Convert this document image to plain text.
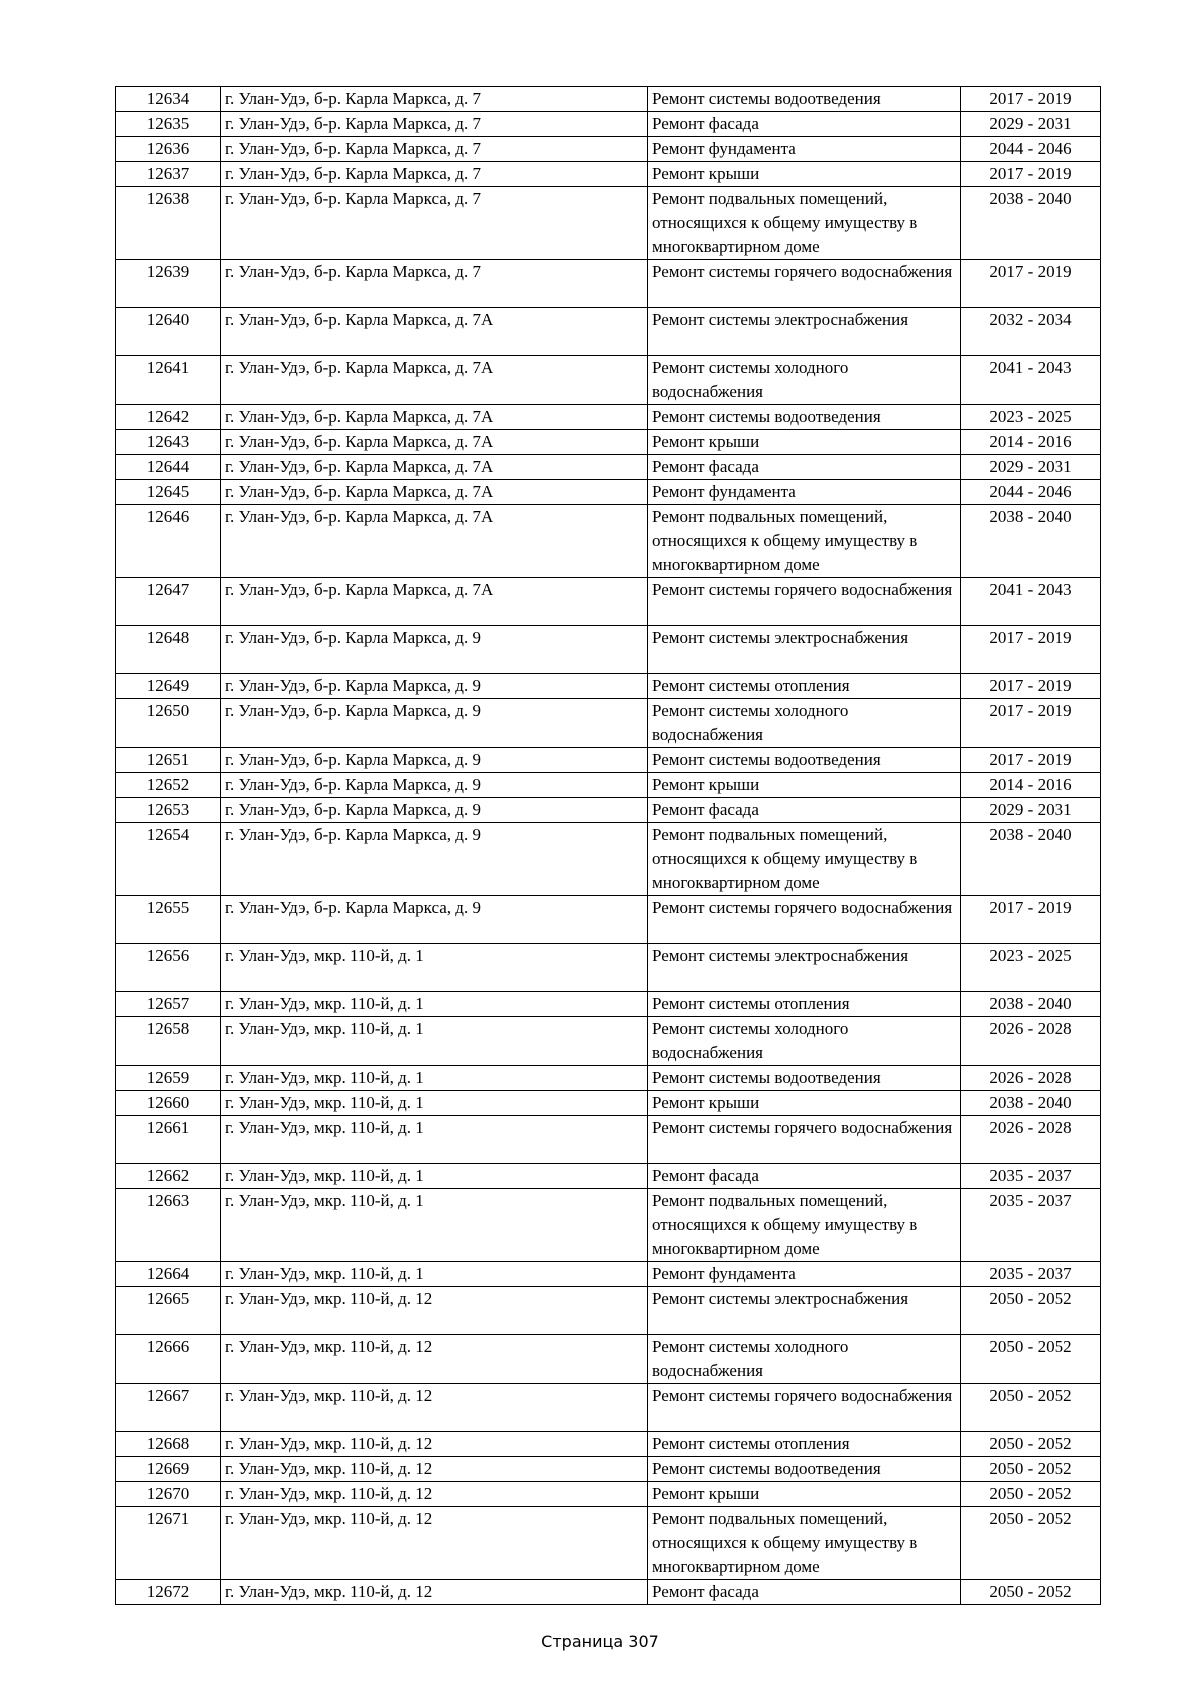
12634	г. Улан-Удэ, б-р. Карла Маркса, д. 7	Ремонт системы водоотведения	2017 - 2019
12635	г. Улан-Удэ, б-р. Карла Маркса, д. 7	Ремонт фасада	2029 - 2031
12636	г. Улан-Удэ, б-р. Карла Маркса, д. 7	Ремонт фундамента	2044 - 2046
12637	г. Улан-Удэ, б-р. Карла Маркса, д. 7	Ремонт крыши	2017 - 2019
12638	г. Улан-Удэ, б-р. Карла Маркса, д. 7	Ремонт подвальных помещений, относящихся к общему имуществу в многоквартирном доме	2038 - 2040
12639	г. Улан-Удэ, б-р. Карла Маркса, д. 7	Ремонт системы горячего водоснабжения	2017 - 2019
12640	г. Улан-Удэ, б-р. Карла Маркса, д. 7А	Ремонт системы электроснабжения	2032 - 2034
12641	г. Улан-Удэ, б-р. Карла Маркса, д. 7А	Ремонт системы холодного водоснабжения	2041 - 2043
12642	г. Улан-Удэ, б-р. Карла Маркса, д. 7А	Ремонт системы водоотведения	2023 - 2025
12643	г. Улан-Удэ, б-р. Карла Маркса, д. 7А	Ремонт крыши	2014 - 2016
12644	г. Улан-Удэ, б-р. Карла Маркса, д. 7А	Ремонт фасада	2029 - 2031
12645	г. Улан-Удэ, б-р. Карла Маркса, д. 7А	Ремонт фундамента	2044 - 2046
12646	г. Улан-Удэ, б-р. Карла Маркса, д. 7А	Ремонт подвальных помещений, относящихся к общему имуществу в многоквартирном доме	2038 - 2040
12647	г. Улан-Удэ, б-р. Карла Маркса, д. 7А	Ремонт системы горячего водоснабжения	2041 - 2043
12648	г. Улан-Удэ, б-р. Карла Маркса, д. 9	Ремонт системы электроснабжения	2017 - 2019
12649	г. Улан-Удэ, б-р. Карла Маркса, д. 9	Ремонт системы отопления	2017 - 2019
12650	г. Улан-Удэ, б-р. Карла Маркса, д. 9	Ремонт системы холодного водоснабжения	2017 - 2019
12651	г. Улан-Удэ, б-р. Карла Маркса, д. 9	Ремонт системы водоотведения	2017 - 2019
12652	г. Улан-Удэ, б-р. Карла Маркса, д. 9	Ремонт крыши	2014 - 2016
12653	г. Улан-Удэ, б-р. Карла Маркса, д. 9	Ремонт фасада	2029 - 2031
12654	г. Улан-Удэ, б-р. Карла Маркса, д. 9	Ремонт подвальных помещений, относящихся к общему имуществу в многоквартирном доме	2038 - 2040
12655	г. Улан-Удэ, б-р. Карла Маркса, д. 9	Ремонт системы горячего водоснабжения	2017 - 2019
12656	г. Улан-Удэ, мкр. 110-й, д. 1	Ремонт системы электроснабжения	2023 - 2025
12657	г. Улан-Удэ, мкр. 110-й, д. 1	Ремонт системы отопления	2038 - 2040
12658	г. Улан-Удэ, мкр. 110-й, д. 1	Ремонт системы холодного водоснабжения	2026 - 2028
12659	г. Улан-Удэ, мкр. 110-й, д. 1	Ремонт системы водоотведения	2026 - 2028
12660	г. Улан-Удэ, мкр. 110-й, д. 1	Ремонт крыши	2038 - 2040
12661	г. Улан-Удэ, мкр. 110-й, д. 1	Ремонт системы горячего водоснабжения	2026 - 2028
12662	г. Улан-Удэ, мкр. 110-й, д. 1	Ремонт фасада	2035 - 2037
12663	г. Улан-Удэ, мкр. 110-й, д. 1	Ремонт подвальных помещений, относящихся к общему имуществу в многоквартирном доме	2035 - 2037
12664	г. Улан-Удэ, мкр. 110-й, д. 1	Ремонт фундамента	2035 - 2037
12665	г. Улан-Удэ, мкр. 110-й, д. 12	Ремонт системы электроснабжения	2050 - 2052
12666	г. Улан-Удэ, мкр. 110-й, д. 12	Ремонт системы холодного водоснабжения	2050 - 2052
12667	г. Улан-Удэ, мкр. 110-й, д. 12	Ремонт системы горячего водоснабжения	2050 - 2052
12668	г. Улан-Удэ, мкр. 110-й, д. 12	Ремонт системы отопления	2050 - 2052
12669	г. Улан-Удэ, мкр. 110-й, д. 12	Ремонт системы водоотведения	2050 - 2052
12670	г. Улан-Удэ, мкр. 110-й, д. 12	Ремонт крыши	2050 - 2052
12671	г. Улан-Удэ, мкр. 110-й, д. 12	Ремонт подвальных помещений, относящихся к общему имуществу в многоквартирном доме	2050 - 2052
12672	г. Улан-Удэ, мкр. 110-й, д. 12	Ремонт фасада	2050 - 2052
Страница 307
